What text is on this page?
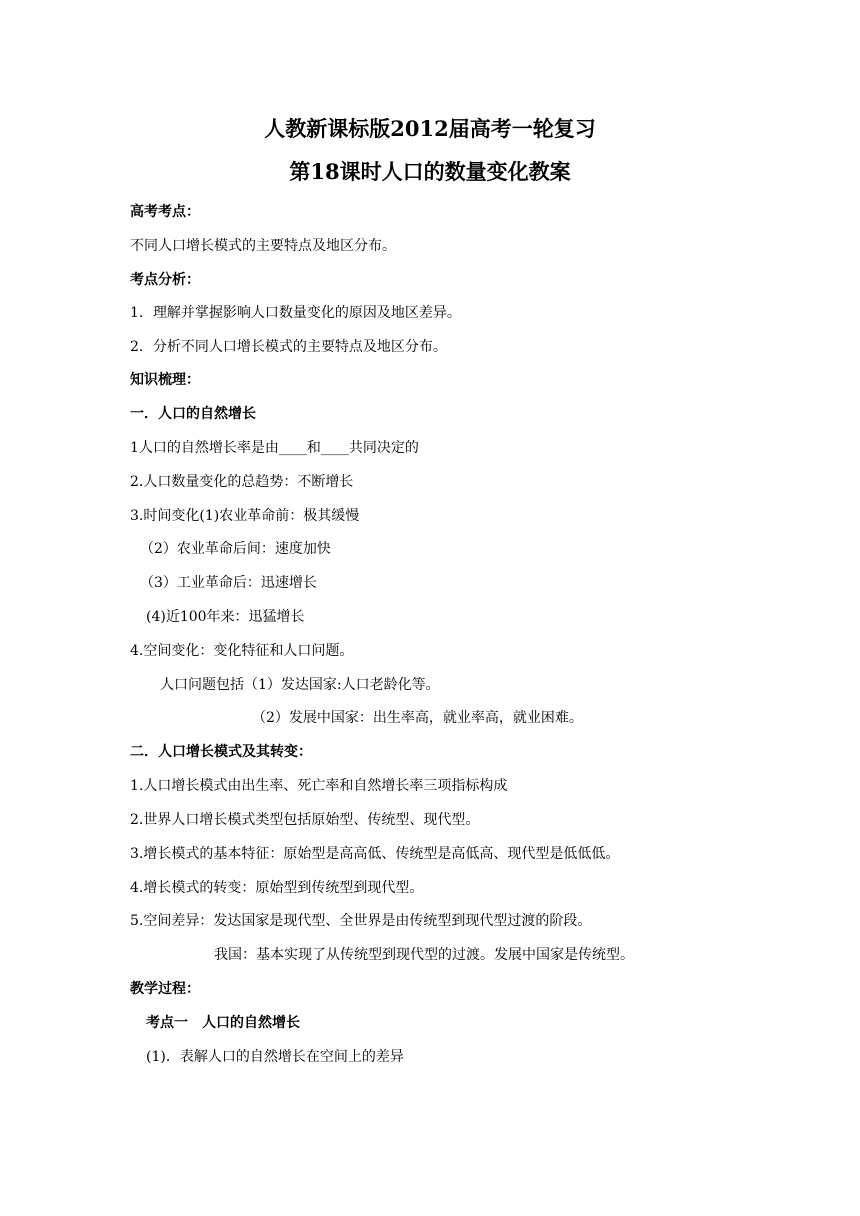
人教新课标版2012届高考一轮复习
第18课时人口的数量变化教案
高考考点：
不同人口增长模式的主要特点及地区分布。
考点分析：
1．理解并掌握影响人口数量变化的原因及地区差异。
2．分析不同人口增长模式的主要特点及地区分布。
知识梳理：
一．人口的自然增长
1人口的自然增长率是由____和____共同决定的
2.人口数量变化的总趋势：不断增长
3.时间变化(1)农业革命前：极其缓慢
（2）农业革命后间：速度加快
（3）工业革命后：迅速增长
(4)近100年来：迅猛增长
4.空间变化：变化特征和人口问题。
人口问题包括（1）发达国家:人口老龄化等。
（2）发展中国家：出生率高，就业率高，就业困难。
二．人口增长模式及其转变：
1.人口增长模式由出生率、死亡率和自然增长率三项指标构成
2.世界人口增长模式类型包括原始型、传统型、现代型。
3.增长模式的基本特征：原始型是高高低、传统型是高低高、现代型是低低低。
4.增长模式的转变：原始型到传统型到现代型。
5.空间差异：发达国家是现代型、全世界是由传统型到现代型过渡的阶段。
我国：基本实现了从传统型到现代型的过渡。发展中国家是传统型。
教学过程：
考点一　人口的自然增长
(1)．表解人口的自然增长在空间上的差异
